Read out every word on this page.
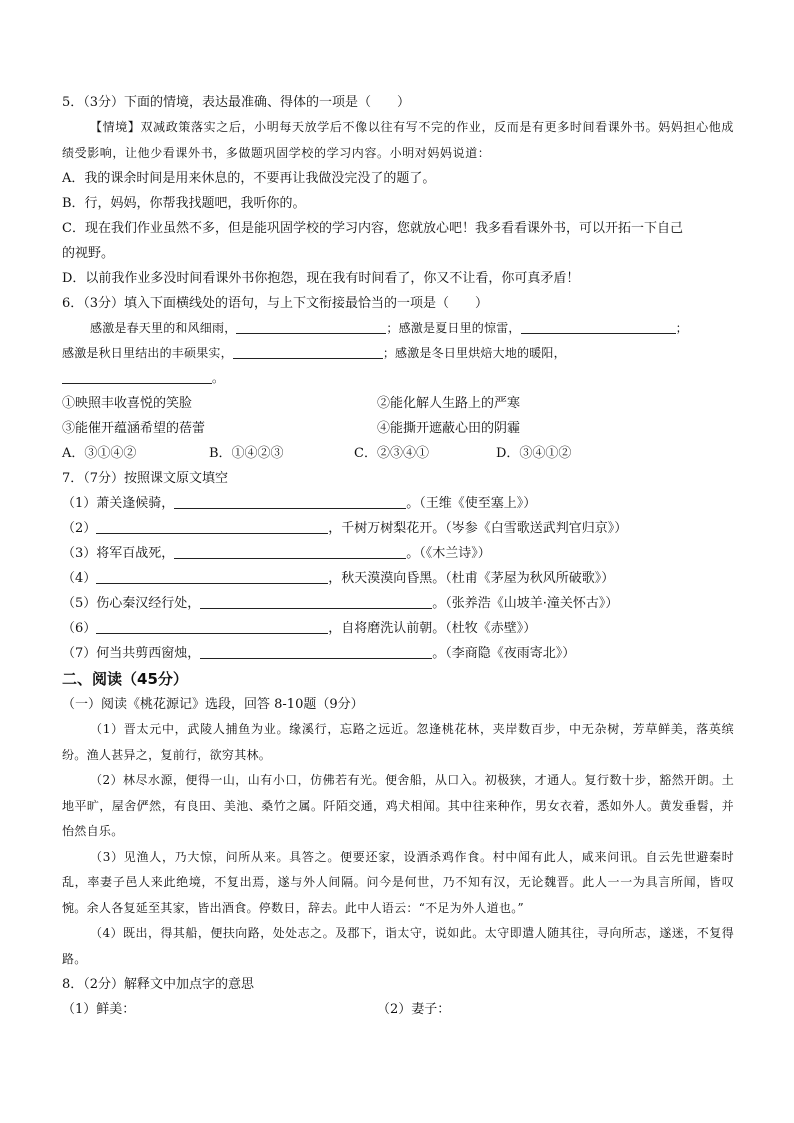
5．（3分）下面的情境，表达最准确、得体的一项是（　　）
【情境】双减政策落实之后，小明每天放学后不像以往有写不完的作业，反而是有更多时间看课外书。妈妈担心他成绩受影响，让他少看课外书，多做题巩固学校的学习内容。小明对妈妈说道：
A．我的课余时间是用来休息的，不要再让我做没完没了的题了。
B．行，妈妈，你帮我找题吧，我听你的。
C．现在我们作业虽然不多，但是能巩固学校的学习内容，您就放心吧！我多看看课外书，可以开拓一下自己
的视野。
D．以前我作业多没时间看课外书你抱怨，现在我有时间看了，你又不让看，你可真矛盾！
6．（3分）填入下面横线处的语句，与上下文衔接最恰当的一项是（　　）
感激是春天里的和风细雨，	；感激是夏日里的惊雷，	；
感激是秋日里结出的丰硕果实，	；感激是冬日里烘焙大地的暖阳，
。
①映照丰收喜悦的笑脸	②能化解人生路上的严寒
③能催开蕴涵希望的蓓蕾	④能撕开遮蔽心田的阴霾
A．③①④②	B．①④②③	C．②③④①	D．③④①②
7．（7分）按照课文原文填空
（1）萧关逢候骑，	。（王维《使至塞上》）
（2）	，千树万树梨花开。（岑参《白雪歌送武判官归京》）
（3）将军百战死，	。（《木兰诗》）
（4）	，秋天漠漠向昏黑。（杜甫《茅屋为秋风所破歌》）
（5）伤心秦汉经行处，	。（张养浩《山坡羊·潼关怀古》）
（6）	，自将磨洗认前朝。（杜牧《赤壁》）
（7）何当共剪西窗烛，	。（李商隐《夜雨寄北》）
二、阅读（45分）
（一）阅读《桃花源记》选段，回答 8-10题（9分）
（1）晋太元中，武陵人捕鱼为业。缘溪行，忘路之远近。忽逢桃花林，夹岸数百步，中无杂树，芳草鲜美，落英缤纷。渔人甚异之，复前行，欲穷其林。
（2）林尽水源，便得一山，山有小口，仿佛若有光。便舍船，从口入。初极狭，才通人。复行数十步，豁然开朗。土地平旷，屋舍俨然，有良田、美池、桑竹之属。阡陌交通，鸡犬相闻。其中往来种作，男女衣着，悉如外人。黄发垂髫，并怡然自乐。
（3）见渔人，乃大惊，问所从来。具答之。便要还家，设酒杀鸡作食。村中闻有此人，咸来问讯。自云先世避秦时乱，率妻子邑人来此绝境，不复出焉，遂与外人间隔。问今是何世，乃不知有汉，无论魏晋。此人一一为具言所闻，皆叹惋。余人各复延至其家，皆出酒食。停数日，辞去。此中人语云：“不足为外人道也。”
（4）既出，得其船，便扶向路，处处志之。及郡下，诣太守，说如此。太守即遣人随其往，寻向所志，遂迷，不复得路。
8．（2分）解释文中加点字的意思
（1）鲜美：	（2）妻子：
